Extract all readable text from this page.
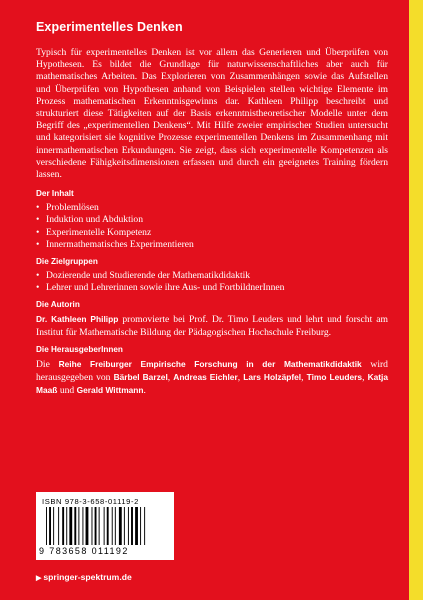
Experimentelles Denken

Typisch für experimentelles Denken ist vor allem das Generieren und Überprüfen von Hypothesen. Es bildet die Grundlage für naturwissenschaftliches aber auch für mathematisches Arbeiten. Das Explorieren von Zusammenhängen sowie das Aufstellen und Überprüfen von Hypothesen anhand von Beispielen stellen wichtige Elemente im Prozess mathematischen Erkenntnisgewinns dar. Kathleen Philipp beschreibt und strukturiert diese Tätigkeiten auf der Basis erkenntnistheoretischer Modelle unter dem Begriff des „experimentellen Denkens“. Mit Hilfe zweier empirischer Studien untersucht und kategorisiert sie kognitive Prozesse experimentellen Denkens im Zusammenhang mit innermathematischen Erkundungen. Sie zeigt, dass sich experimentelle Kompetenzen als verschiedene Fähigkeitsdimensionen erfassen und durch ein geeignetes Training fördern lassen.

Der Inhalt
• Problemlösen
• Induktion und Abduktion
• Experimentelle Kompetenz
• Innermathematisches Experimentieren
Die Zielgruppen
• Dozierende und Studierende der Mathematikdidaktik
• Lehrer und Lehrerinnen sowie ihre Aus- und FortbildnerInnen
Die Autorin

Dr. Kathleen Philipp promovierte bei Prof. Dr. Timo Leuders und lehrt und forscht am Institut für Mathematische Bildung der Pädagogischen Hochschule Freiburg.

Die HerausgeberInnen

Die Reihe Freiburger Empirische Forschung in der Mathematikdidaktik wird herausgegeben von Bärbel Barzel, Andreas Eichler, Lars Holzäpfel, Timo Leuders, Katja Maaß und Gerald Wittmann.

ISBN 978-3-658-01119-2
9 783658 011192
▶ springer-spektrum.de
